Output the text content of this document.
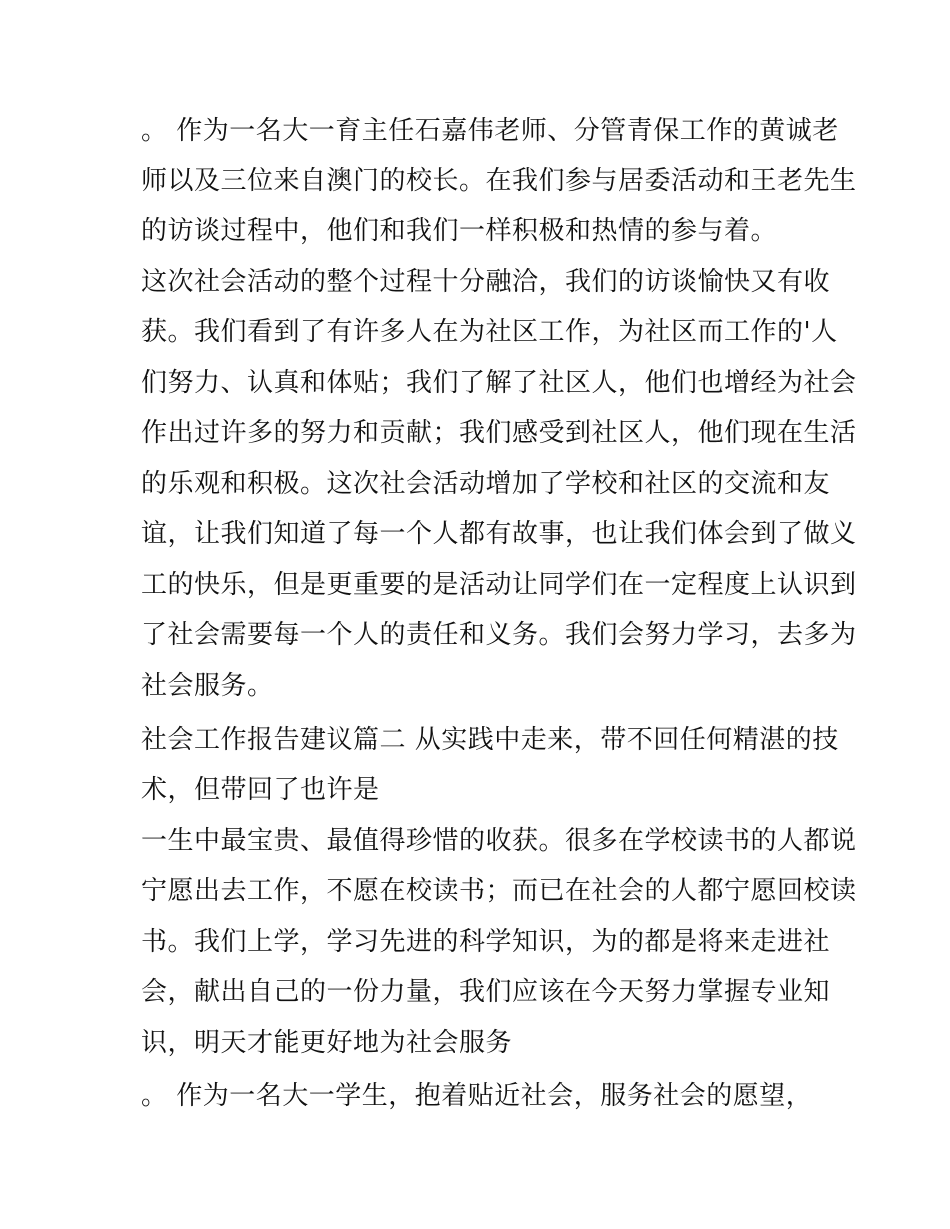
。 作为一名大一育主任石嘉伟老师、分管青保工作的黄诚老
师以及三位来自澳门的校长。在我们参与居委活动和王老先生
的访谈过程中，他们和我们一样积极和热情的参与着。
这次社会活动的整个过程十分融洽，我们的访谈愉快又有收
获。我们看到了有许多人在为社区工作，为社区而工作的'人
们努力、认真和体贴；我们了解了社区人，他们也增经为社会
作出过许多的努力和贡献；我们感受到社区人，他们现在生活
的乐观和积极。这次社会活动增加了学校和社区的交流和友
谊，让我们知道了每一个人都有故事，也让我们体会到了做义
工的快乐，但是更重要的是活动让同学们在一定程度上认识到
了社会需要每一个人的责任和义务。我们会努力学习，去多为
社会服务。
社会工作报告建议篇二 从实践中走来，带不回任何精湛的技
术，但带回了也许是
一生中最宝贵、最值得珍惜的收获。很多在学校读书的人都说
宁愿出去工作，不愿在校读书；而已在社会的人都宁愿回校读
书。我们上学，学习先进的科学知识，为的都是将来走进社
会，献出自己的一份力量，我们应该在今天努力掌握专业知
识，明天才能更好地为社会服务
。 作为一名大一学生，抱着贴近社会，服务社会的愿望，
